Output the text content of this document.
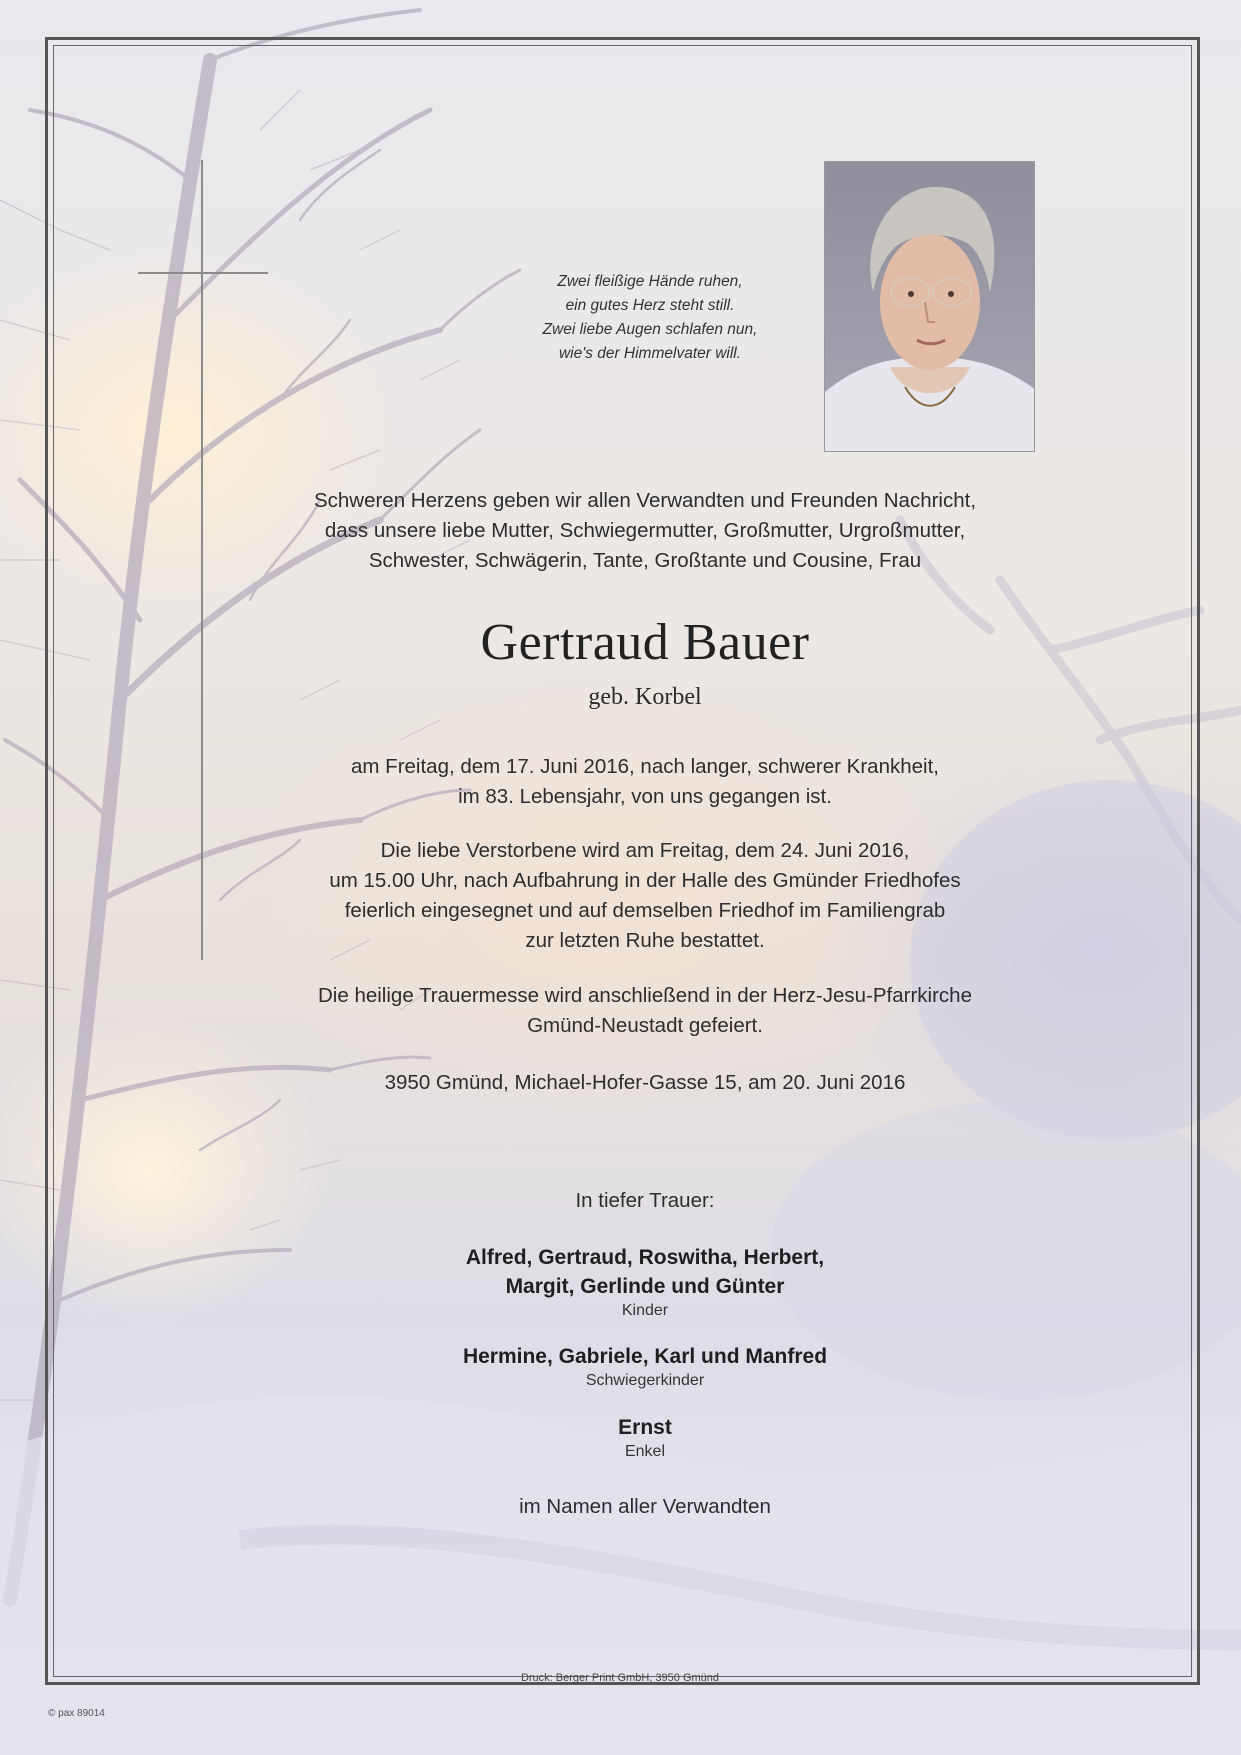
Zwei fleißige Hände ruhen,
ein gutes Herz steht still.
Zwei liebe Augen schlafen nun,
wie's der Himmelvater will.
Schweren Herzens geben wir allen Verwandten und Freunden Nachricht,
dass unsere liebe Mutter, Schwiegermutter, Großmutter, Urgroßmutter,
Schwester, Schwägerin, Tante, Großtante und Cousine, Frau
Gertraud Bauer
geb. Korbel
am Freitag, dem 17. Juni 2016, nach langer, schwerer Krankheit,
im 83. Lebensjahr, von uns gegangen ist.
Die liebe Verstorbene wird am Freitag, dem 24. Juni 2016,
um 15.00 Uhr, nach Aufbahrung in der Halle des Gmünder Friedhofes
feierlich eingesegnet und auf demselben Friedhof im Familiengrab
zur letzten Ruhe bestattet.
Die heilige Trauermesse wird anschließend in der Herz-Jesu-Pfarrkirche
Gmünd-Neustadt gefeiert.
3950 Gmünd, Michael-Hofer-Gasse 15, am 20. Juni 2016
In tiefer Trauer:
Alfred, Gertraud, Roswitha, Herbert,
Margit, Gerlinde und Günter
Kinder
Hermine, Gabriele, Karl und Manfred
Schwiegerkinder
Ernst
Enkel
im Namen aller Verwandten
Druck: Berger Print GmbH, 3950 Gmünd
© pax 89014
